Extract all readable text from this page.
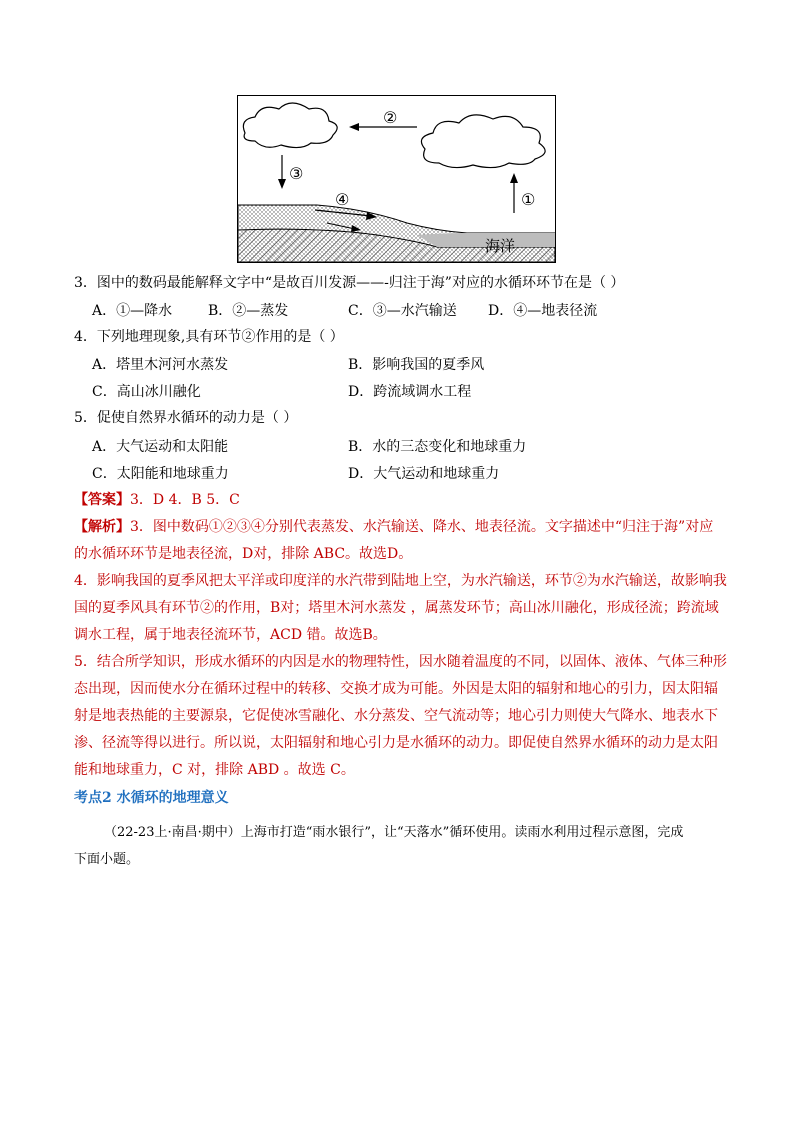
②
③
①
海洋
④
3．图中的数码最能解释文字中“是故百川发源——-归注于海”对应的水循环环节在是（ ）
A．①—降水	B．②—蒸发	C．③—水汽输送 D．④—地表径流
4．下列地理现象,具有环节②作用的是（ ）
A．塔里木河河水蒸发	B．影响我国的夏季风
C．高山冰川融化	D．跨流域调水工程
5．促使自然界水循环的动力是（ ）
A．大气运动和太阳能	B．水的三态变化和地球重力
C．太阳能和地球重力	D．大气运动和地球重力
【答案】3．D 4．B 5．C
【解析】3．图中数码①②③④分别代表蒸发、水汽输送、降水、地表径流。文字描述中“归注于海”对应
的水循环环节是地表径流，D对，排除 ABC。故选D。
4．影响我国的夏季风把太平洋或印度洋的水汽带到陆地上空，为水汽输送，环节②为水汽输送，故影响我
国的夏季风具有环节②的作用，B对；塔里木河水蒸发 ，属蒸发环节；高山冰川融化，形成径流；跨流域
调水工程，属于地表径流环节，ACD 错。故选B。
5．结合所学知识，形成水循环的内因是水的物理特性，因水随着温度的不同，以固体、液体、气体三种形
态出现，因而使水分在循环过程中的转移、交换才成为可能。外因是太阳的辐射和地心的引力，因太阳辐
射是地表热能的主要源泉，它促使冰雪融化、水分蒸发、空气流动等；地心引力则使大气降水、地表水下
渗、径流等得以进行。所以说，太阳辐射和地心引力是水循环的动力。即促使自然界水循环的动力是太阳
能和地球重力，C 对，排除 ABD 。故选 C。
考点2 水循环的地理意义
（22-23上·南昌·期中）上海市打造“雨水银行”，让“天落水”循环使用。读雨水利用过程示意图，完成
下面小题。
